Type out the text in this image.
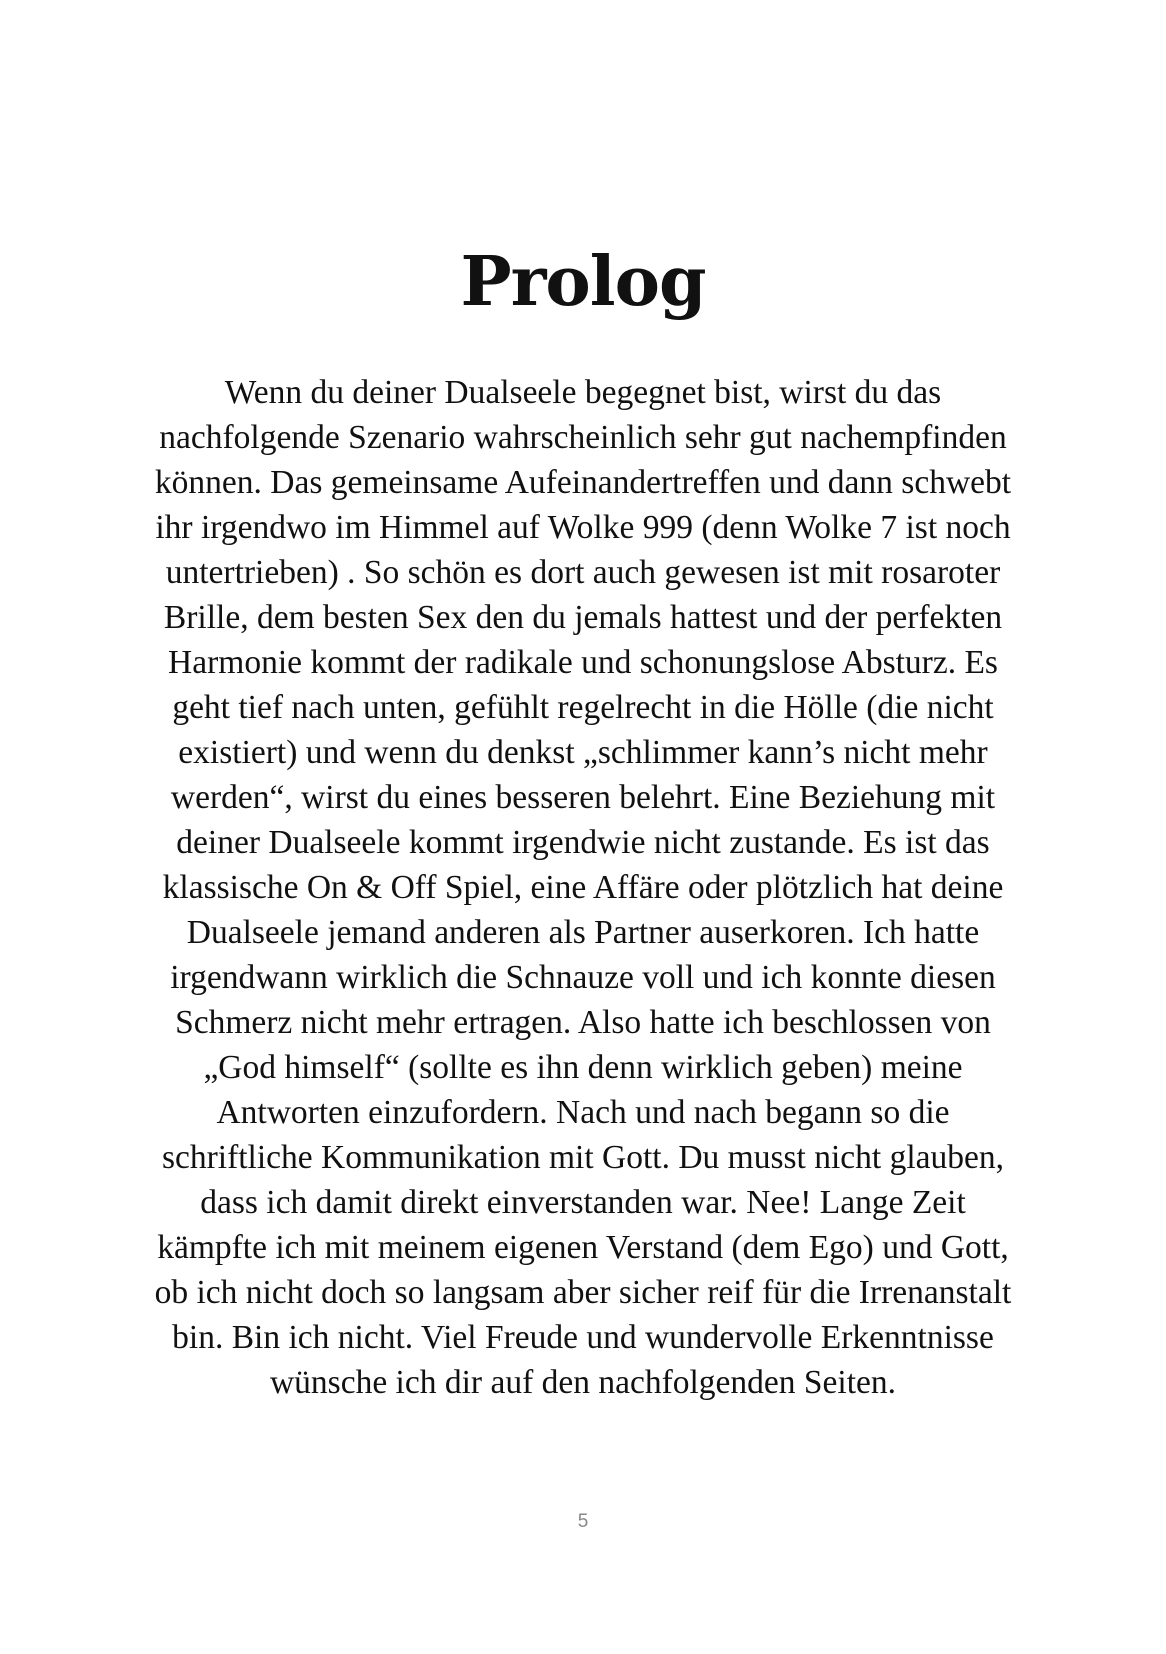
Prolog

Wenn du deiner Dualseele begegnet bist, wirst du das
nachfolgende Szenario wahrscheinlich sehr gut nachempfinden
können. Das gemeinsame Aufeinandertreffen und dann schwebt
ihr irgendwo im Himmel auf Wolke 999 (denn Wolke 7 ist noch
untertrieben) . So schön es dort auch gewesen ist mit rosaroter
Brille, dem besten Sex den du jemals hattest und der perfekten
Harmonie kommt der radikale und schonungslose Absturz. Es
geht tief nach unten, gefühlt regelrecht in die Hölle (die nicht
existiert) und wenn du denkst „schlimmer kann’s nicht mehr
werden“, wirst du eines besseren belehrt. Eine Beziehung mit
deiner Dualseele kommt irgendwie nicht zustande. Es ist das
klassische On & Off Spiel, eine Affäre oder plötzlich hat deine
Dualseele jemand anderen als Partner auserkoren. Ich hatte
irgendwann wirklich die Schnauze voll und ich konnte diesen
Schmerz nicht mehr ertragen. Also hatte ich beschlossen von
„God himself“ (sollte es ihn denn wirklich geben) meine
Antworten einzufordern. Nach und nach begann so die
schriftliche Kommunikation mit Gott. Du musst nicht glauben,
dass ich damit direkt einverstanden war. Nee! Lange Zeit
kämpfte ich mit meinem eigenen Verstand (dem Ego) und Gott,
ob ich nicht doch so langsam aber sicher reif für die Irrenanstalt
bin. Bin ich nicht. Viel Freude und wundervolle Erkenntnisse
wünsche ich dir auf den nachfolgenden Seiten.

5
